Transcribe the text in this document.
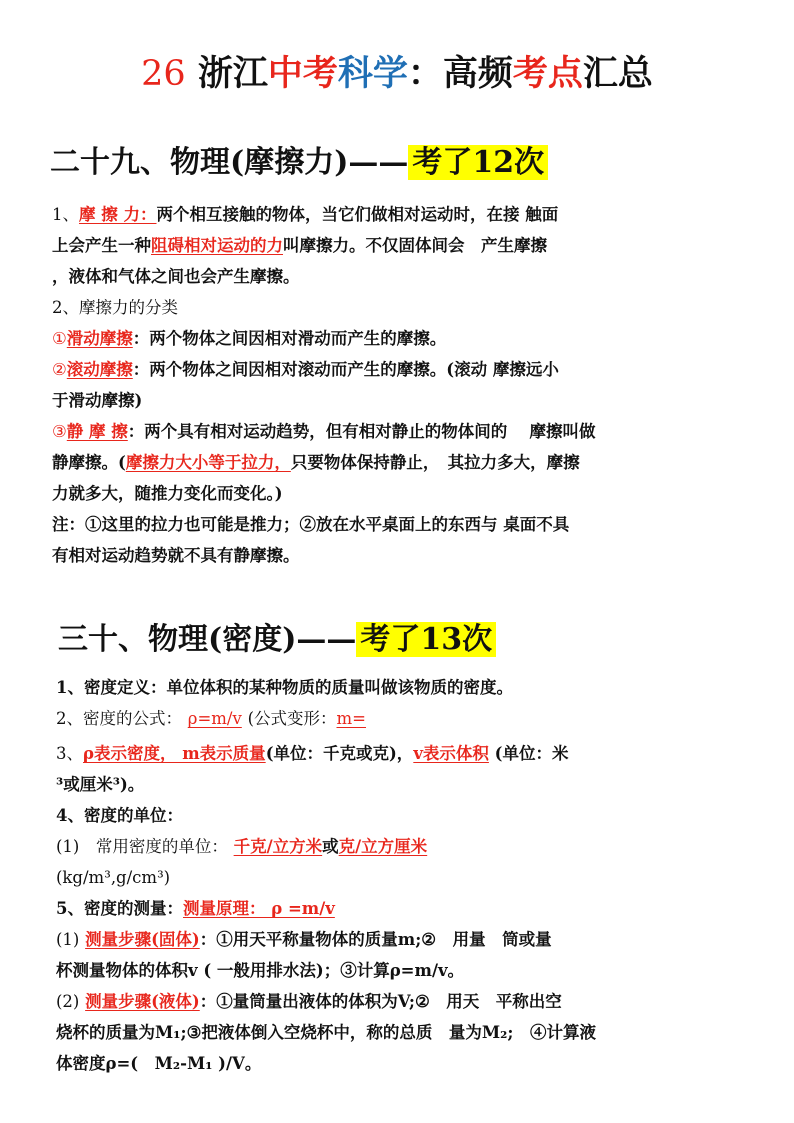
26 浙江中考科学：高频考点汇总
二十九、物理(摩擦力)—— 考了12次
1、摩 擦 力：两个相互接触的物体，当它们做相对运动时，在接 触面
上会产生一种阻碍相对运动的力叫摩擦力。不仅固体间会　产生摩擦
，液体和气体之间也会产生摩擦。
2、摩擦力的分类
①滑动摩擦：两个物体之间因相对滑动而产生的摩擦。
②滚动摩擦：两个物体之间因相对滚动而产生的摩擦。(滚动 摩擦远小
于滑动摩擦)
③静 摩 擦：两个具有相对运动趋势，但有相对静止的物体间的　 摩擦叫做
静摩擦。(摩擦力大小等于拉力，只要物体保持静止，　其拉力多大，摩擦
力就多大，随推力变化而变化。)
注：①这里的拉力也可能是推力；②放在水平桌面上的东西与 桌面不具
有相对运动趋势就不具有静摩擦。
三十、物理(密度)—— 考了13次
1、密度定义：单位体积的某种物质的质量叫做该物质的密度。
2、密度的公式： ρ=m/v (公式变形：m=
3、ρ表示密度， m表示质量(单位：千克或克)，v表示体积 (单位：米
³或厘米³)。
4、密度的单位：
(1)　常用密度的单位： 千克/立方米或克/立方厘米
(kg/m³,g/cm³)
5、密度的测量：测量原理： ρ =m/v
(1) 测量步骤(固体)：①用天平称量物体的质量m;②　用量　筒或量
杯测量物体的体积v ( 一般用排水法)；③计算ρ=m/v。
(2) 测量步骤(液体)：①量筒量出液体的体积为V;②　用天　平称出空
烧杯的质量为M₁;③把液体倒入空烧杯中，称的总质　量为M₂;　④计算液
体密度ρ=(　M₂-M₁ )/V。
